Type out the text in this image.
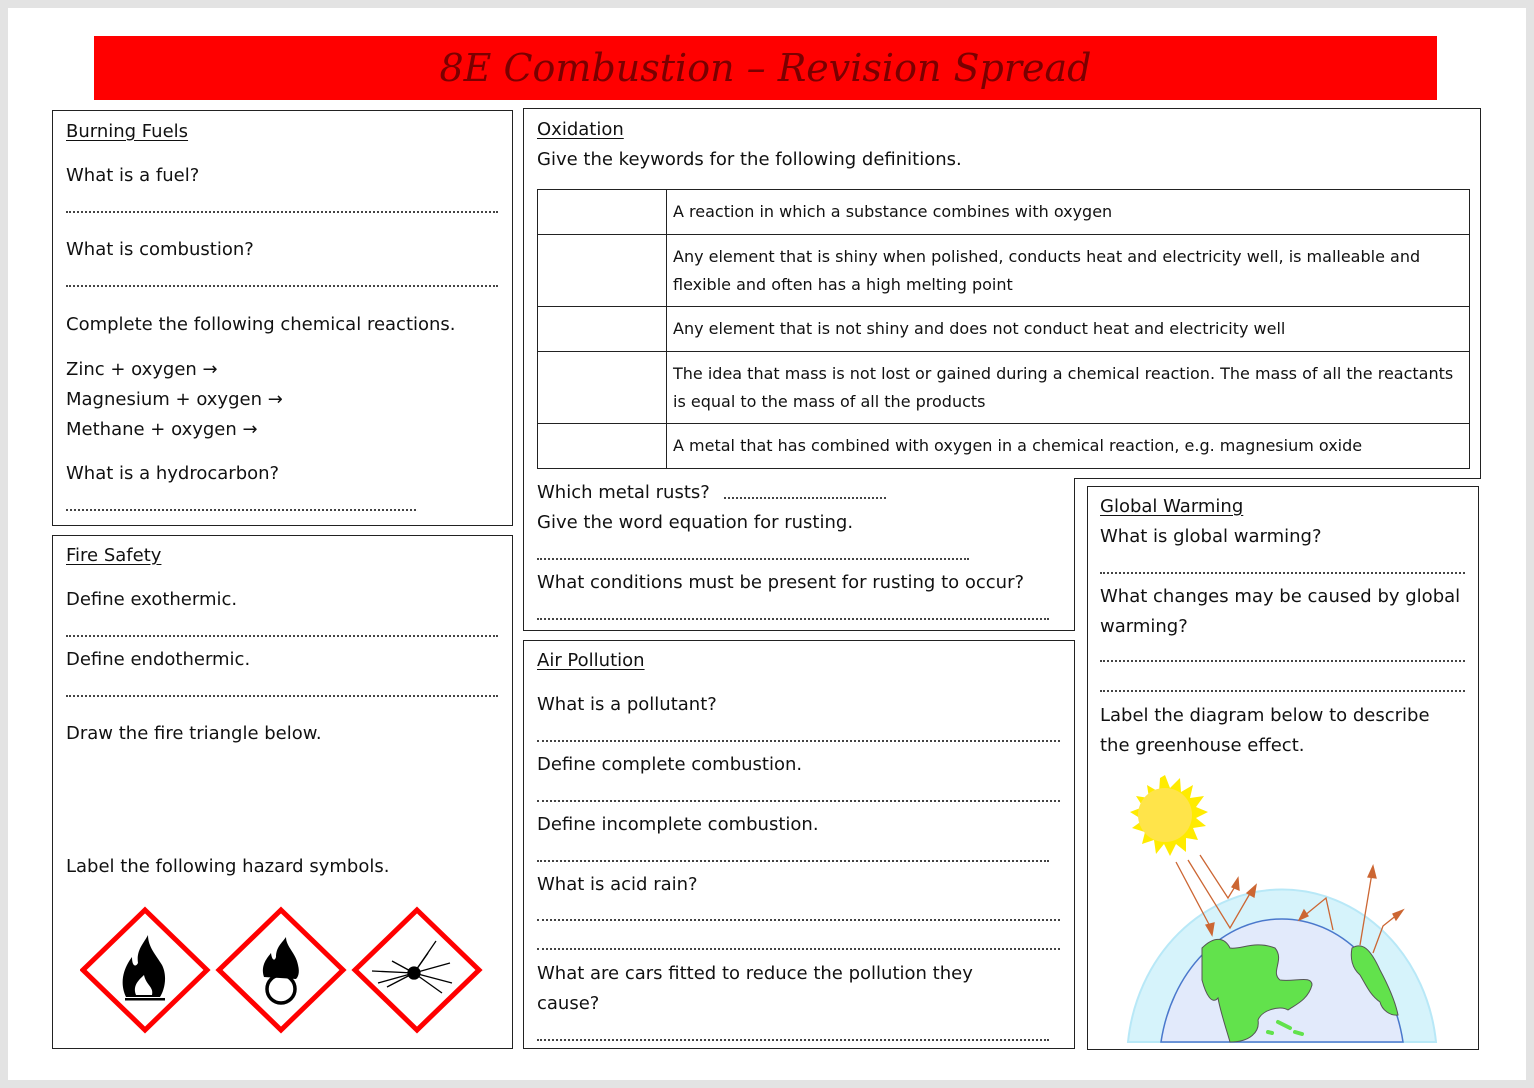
8E Combustion – Revision Spread
Burning Fuels
What is a fuel?
What is combustion?
Complete the following chemical reactions.
Zinc + oxygen →
Magnesium + oxygen →
Methane + oxygen →
What is a hydrocarbon?
Fire Safety
Define exothermic.
Define endothermic.
Draw the fire triangle below.
Label the following hazard symbols.
Oxidation
Give the keywords for the following definitions.
	A reaction in which a substance combines with oxygen
	Any element that is shiny when polished, conducts heat and electricity well, is malleable and flexible and often has a high melting point
	Any element that is not shiny and does not conduct heat and electricity well
	The idea that mass is not lost or gained during a chemical reaction. The mass of all the reactants is equal to the mass of all the products
	A metal that has combined with oxygen in a chemical reaction, e.g. magnesium oxide
Which metal rusts?
Give the word equation for rusting.
What conditions must be present for rusting to occur?
Air Pollution
What is a pollutant?
Define complete combustion.
Define incomplete combustion.
What is acid rain?
What are cars fitted to reduce the pollution they
cause?
Global Warming
What is global warming?
What changes may be caused by global
warming?
Label the diagram below to describe
the greenhouse effect.
